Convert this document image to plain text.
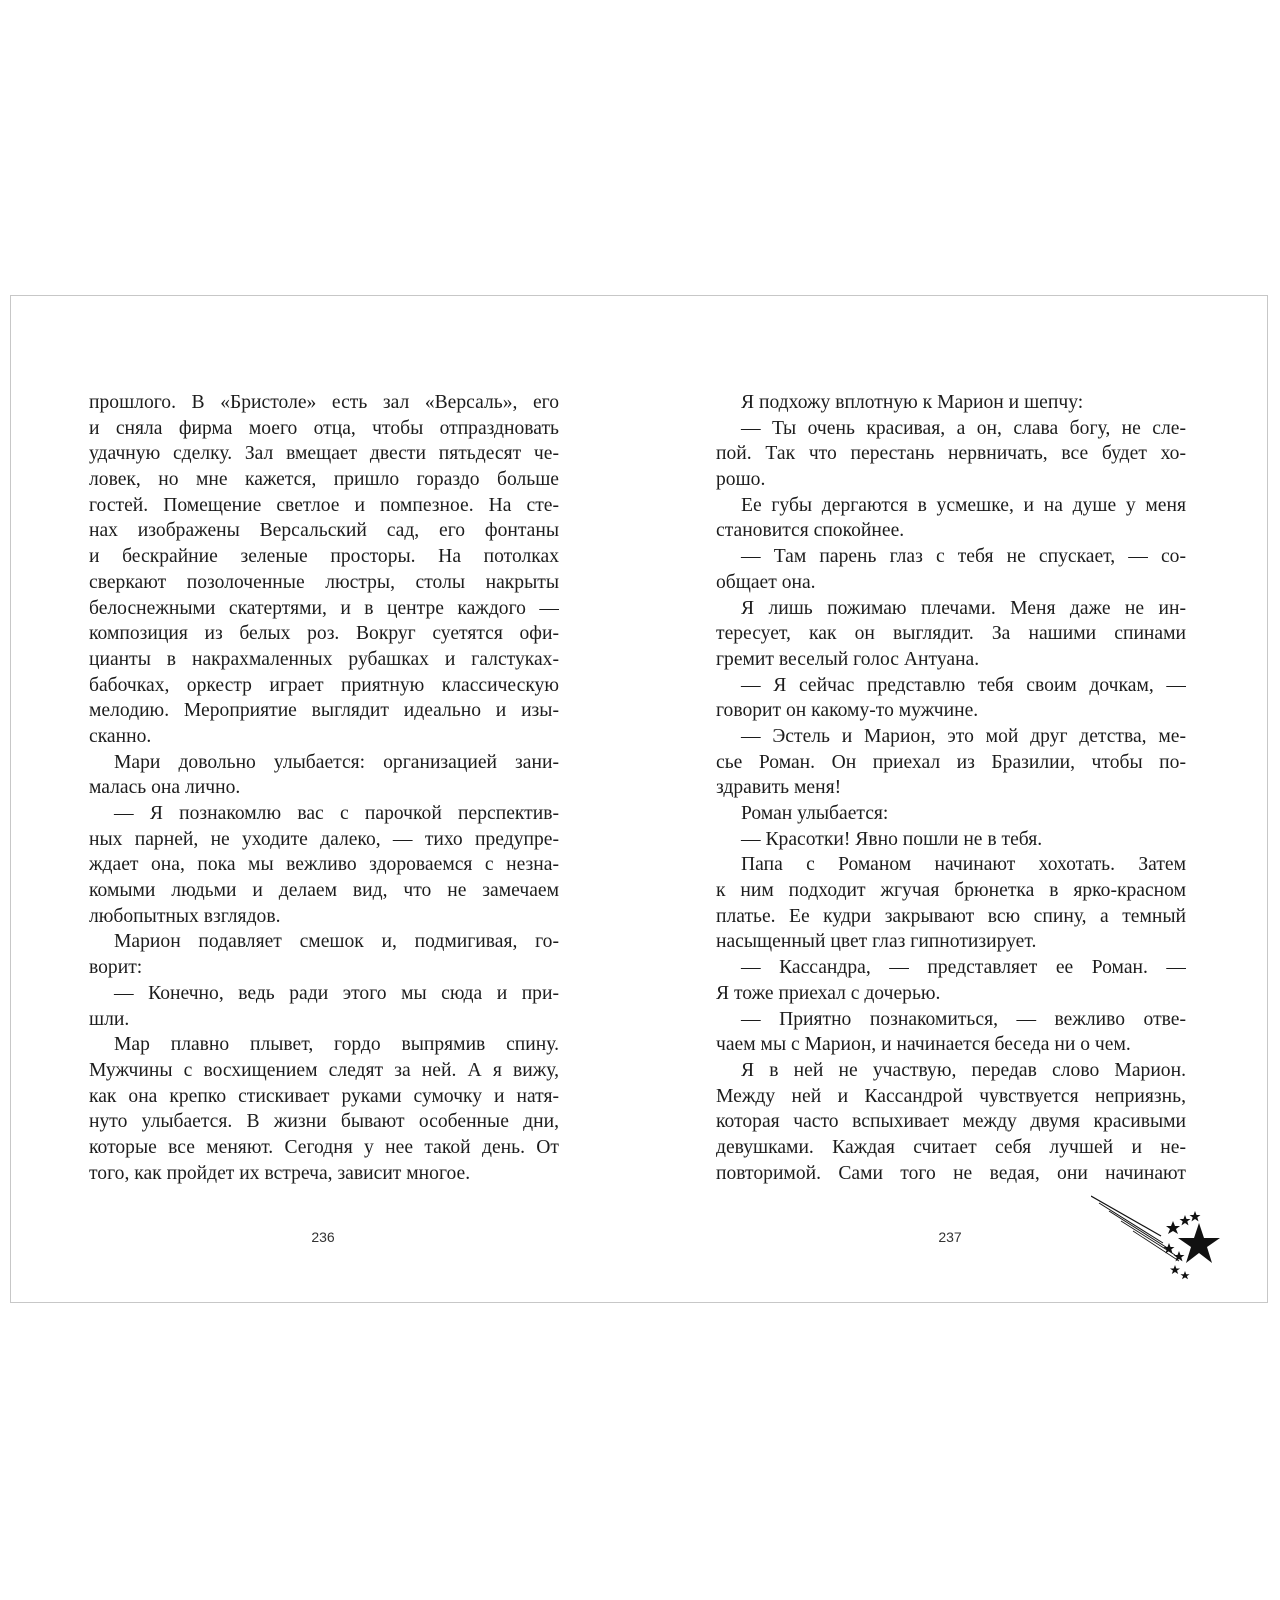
прошлого. В «Бристоле» есть зал «Версаль», его
и сняла фирма моего отца, чтобы отпраздновать
удачную сделку. Зал вмещает двести пятьдесят че-
ловек, но мне кажется, пришло гораздо больше
гостей. Помещение светлое и помпезное. На сте-
нах изображены Версальский сад, его фонтаны
и бескрайние зеленые просторы. На потолках
сверкают позолоченные люстры, столы накрыты
белоснежными скатертями, и в центре каждого —
композиция из белых роз. Вокруг суетятся офи-
цианты в накрахмаленных рубашках и галстуках-
бабочках, оркестр играет приятную классическую
мелодию. Мероприятие выглядит идеально и изы-
сканно.
Мари довольно улыбается: организацией зани-
малась она лично.
— Я познакомлю вас с парочкой перспектив-
ных парней, не уходите далеко, — тихо предупре-
ждает она, пока мы вежливо здороваемся с незна-
комыми людьми и делаем вид, что не замечаем
любопытных взглядов.
Марион подавляет смешок и, подмигивая, го-
ворит:
— Конечно, ведь ради этого мы сюда и при-
шли.
Мар плавно плывет, гордо выпрямив спину.
Мужчины с восхищением следят за ней. А я вижу,
как она крепко стискивает руками сумочку и натя-
нуто улыбается. В жизни бывают особенные дни,
которые все меняют. Сегодня у нее такой день. От
того, как пройдет их встреча, зависит многое.
236
Я подхожу вплотную к Марион и шепчу:
— Ты очень красивая, а он, слава богу, не сле-
пой. Так что перестань нервничать, все будет хо-
рошо.
Ее губы дергаются в усмешке, и на душе у меня
становится спокойнее.
— Там парень глаз с тебя не спускает, — со-
общает она.
Я лишь пожимаю плечами. Меня даже не ин-
тересует, как он выглядит. За нашими спинами
гремит веселый голос Антуана.
— Я сейчас представлю тебя своим дочкам, —
говорит он какому-то мужчине.
— Эстель и Марион, это мой друг детства, ме-
сье Роман. Он приехал из Бразилии, чтобы по-
здравить меня!
Роман улыбается:
— Красотки! Явно пошли не в тебя.
Папа с Романом начинают хохотать. Затем
к ним подходит жгучая брюнетка в ярко-красном
платье. Ее кудри закрывают всю спину, а темный
насыщенный цвет глаз гипнотизирует.
— Кассандра, — представляет ее Роман. —
Я тоже приехал с дочерью.
— Приятно познакомиться, — вежливо отве-
чаем мы с Марион, и начинается беседа ни о чем.
Я в ней не участвую, передав слово Марион.
Между ней и Кассандрой чувствуется неприязнь,
которая часто вспыхивает между двумя красивыми
девушками. Каждая считает себя лучшей и не-
повторимой. Сами того не ведая, они начинают
237
